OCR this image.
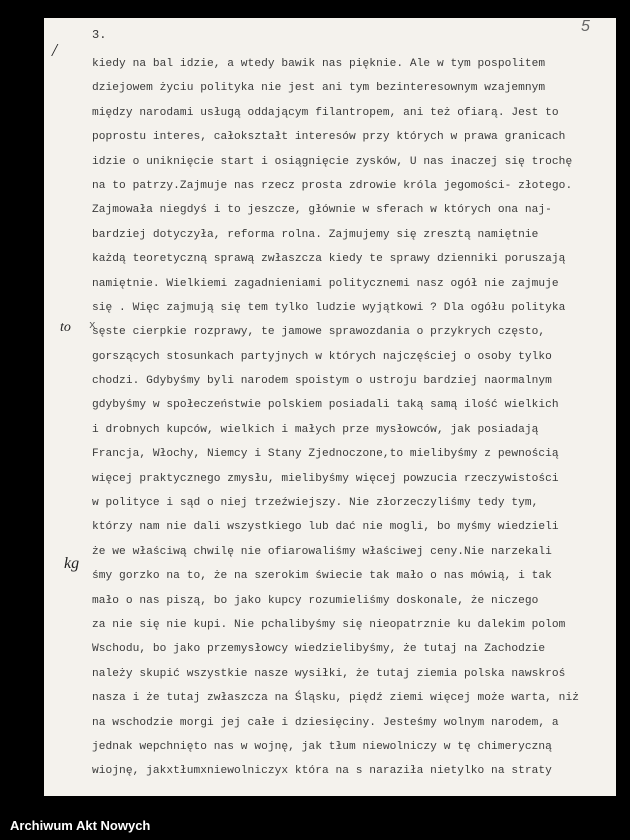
5
3.
/
to
kg
x
kiedy na bal idzie, a wtedy bawik nas pięknie. Ale w tym pospolitem
dziejowem życiu polityka nie jest ani tym bezinteresownym wzajemnym
między narodami usługą oddającym filantropem, ani też ofiarą. Jest to
poprostu interes, całokształt interesów przy których w prawa granicach
idzie o uniknięcie start i osiągnięcie zysków, U nas inaczej się trochę
na to patrzy.Zajmuje nas rzecz prosta zdrowie króla jegomości- złotego.
Zajmowała niegdyś i to jeszcze, głównie w sferach w których ona naj-
bardziej dotyczyła, reforma rolna. Zajmujemy się zresztą namiętnie
każdą teoretyczną sprawą zwłaszcza kiedy te sprawy dzienniki poruszają
namiętnie. Wielkiemi zagadnieniami politycznemi nasz ogół nie zajmuje
się . Więc zajmują się tem tylko ludzie wyjątkowi ? Dla ogółu polityka
sęste cierpkie rozprawy, te jamowe sprawozdania o przykrych często,
gorszących stosunkach partyjnych w których najczęściej o osoby tylko
chodzi. Gdybyśmy byli narodem spoistym o ustroju bardziej naormalnym
gdybyśmy w społeczeństwie polskiem posiadali taką samą ilość wielkich
i drobnych kupców, wielkich i małych prze mysłowców, jak posiadają
Francja, Włochy, Niemcy i Stany Zjednoczone,to mielibyśmy z pewnością
więcej praktycznego zmysłu, mielibyśmy więcej powzucia rzeczywistości
w polityce i sąd o niej trzeźwiejszy. Nie złorzeczyliśmy tedy tym,
którzy nam nie dali wszystkiego lub dać nie mogli, bo myśmy wiedzieli
że we właściwą chwilę nie ofiarowaliśmy właściwej ceny.Nie narzekali
śmy gorzko na to, że na szerokim świecie tak mało o nas mówią, i tak
mało o nas piszą, bo jako kupcy rozumieliśmy doskonale, że niczego
za nie się nie kupi. Nie pchalibyśmy się nieopatrznie ku dalekim polom
Wschodu, bo jako przemysłowcy wiedzielibyśmy, że tutaj na Zachodzie
należy skupić wszystkie nasze wysiłki, że tutaj ziemia polska nawskroś
nasza i że tutaj zwłaszcza na Śląsku, piędź ziemi więcej może warta, niż
na wschodzie morgi jej całe i dziesięciny. Jesteśmy wolnym narodem, a
jednak wepchnięto nas w wojnę, jak tłum niewolniczy w tę chimeryczną
wiojnę, jakxtłumxniewolniczyx która na s naraziła nietylko na straty
Archiwum Akt Nowych
